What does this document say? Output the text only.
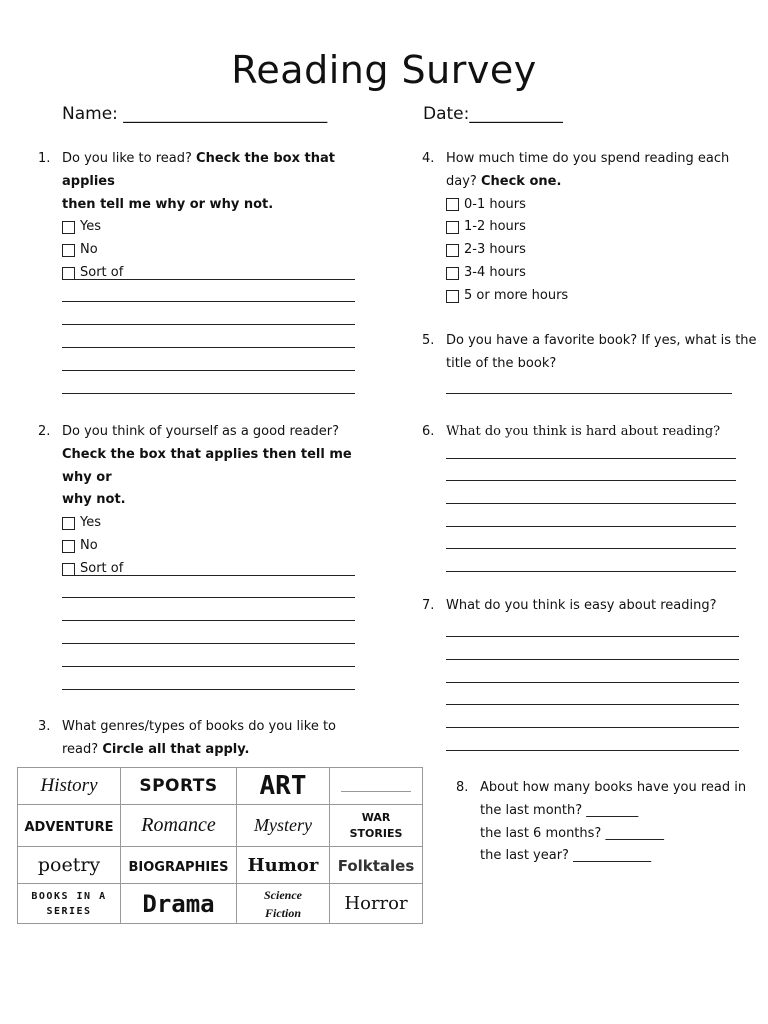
Reading Survey
Name: ________________________	Date:___________
1. Do you like to read? Check the box that applies
then tell me why or why not.
Yes
No
Sort of
2. Do you think of yourself as a good reader?
Check the box that applies then tell me why or
why not.
Yes
No
Sort of
3. What genres/types of books do you like to
read? Circle all that apply.
History	SPORTS	ART	
ADVENTURE	Romance	Mystery	WAR STORIES

poetry	BIOGRAPHIES	Humor	Folktales

BOOKS IN A SERIES	Drama	Science Fiction	Horror
4. How much time do you spend reading each
day? Check one.
0-1 hours
1-2 hours
2-3 hours
3-4 hours
5 or more hours
5. Do you have a favorite book? If yes, what is the
title of the book?
6. What do you think is hard about reading?
7. What do you think is easy about reading?
8. About how many books have you read in
the last month? ________
the last 6 months? _________
the last year? ____________
